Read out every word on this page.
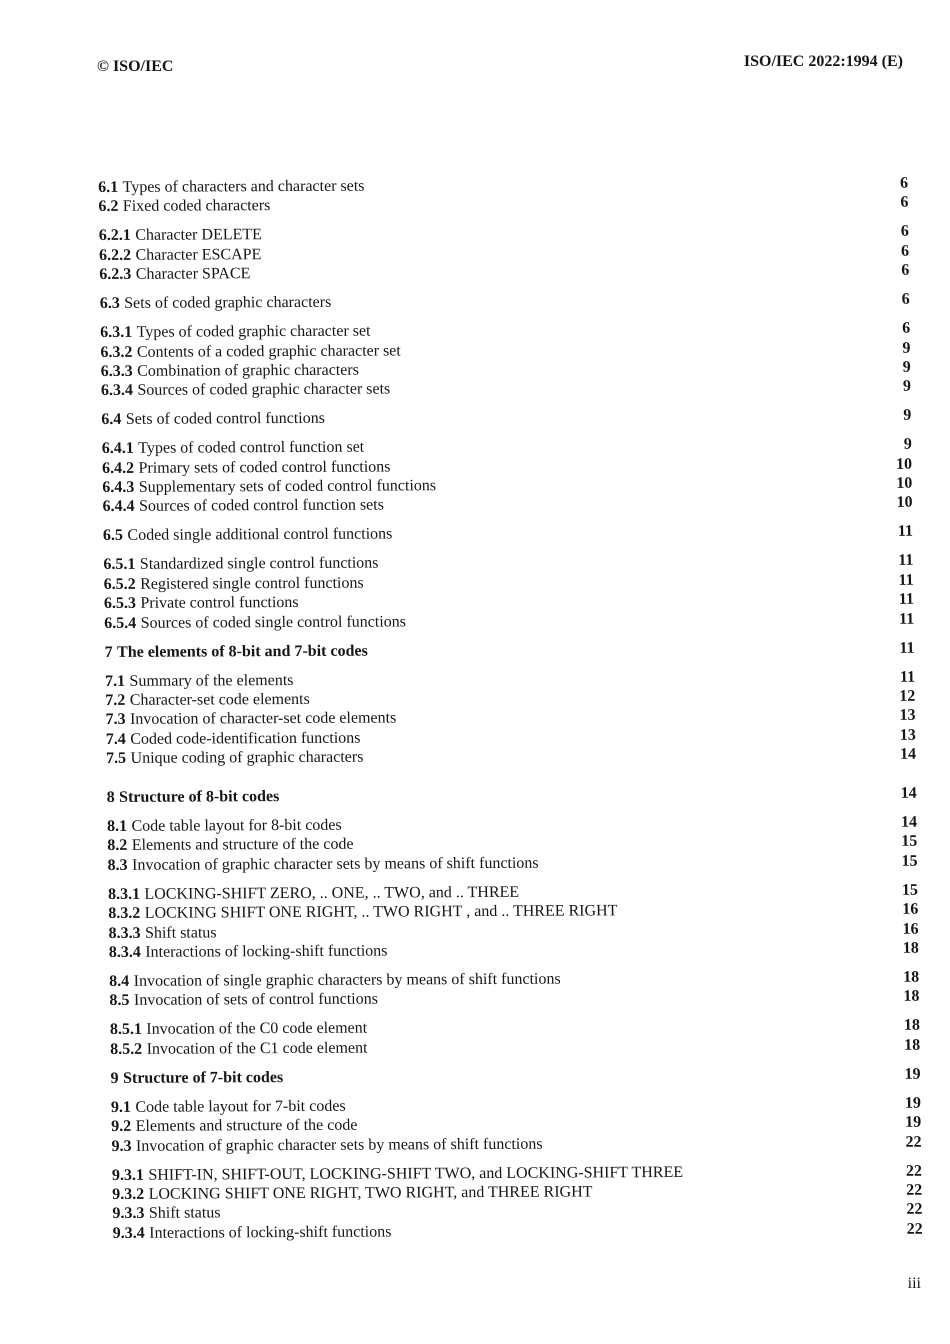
© ISO/IEC	ISO/IEC 2022:1994 (E)
6.1 Types of characters and character sets	6
6.2 Fixed coded characters	6
6.2.1 Character DELETE	6
6.2.2 Character ESCAPE	6
6.2.3 Character SPACE	6
6.3 Sets of coded graphic characters	6
6.3.1 Types of coded graphic character set	6
6.3.2 Contents of a coded graphic character set	9
6.3.3 Combination of graphic characters	9
6.3.4 Sources of coded graphic character sets	9
6.4 Sets of coded control functions	9
6.4.1 Types of coded control function set	9
6.4.2 Primary sets of coded control functions	10
6.4.3 Supplementary sets of coded control functions	10
6.4.4 Sources of coded control function sets	10
6.5 Coded single additional control functions	11
6.5.1 Standardized single control functions	11
6.5.2 Registered single control functions	11
6.5.3 Private control functions	11
6.5.4 Sources of coded single control functions	11
7 The elements of 8-bit and 7-bit codes	11
7.1 Summary of the elements	11
7.2 Character-set code elements	12
7.3 Invocation of character-set code elements	13
7.4 Coded code-identification functions	13
7.5 Unique coding of graphic characters	14
8 Structure of 8-bit codes	14
8.1 Code table layout for 8-bit codes	14
8.2 Elements and structure of the code	15
8.3 Invocation of graphic character sets by means of shift functions	15
8.3.1 LOCKING-SHIFT ZERO, .. ONE, .. TWO, and .. THREE	15
8.3.2 LOCKING SHIFT ONE RIGHT, .. TWO RIGHT , and .. THREE RIGHT	16
8.3.3 Shift status	16
8.3.4 Interactions of locking-shift functions	18
8.4 Invocation of single graphic characters by means of shift functions	18
8.5 Invocation of sets of control functions	18
8.5.1 Invocation of the C0 code element	18
8.5.2 Invocation of the C1 code element	18
9 Structure of 7-bit codes	19
9.1 Code table layout for 7-bit codes	19
9.2 Elements and structure of the code	19
9.3 Invocation of graphic character sets by means of shift functions	22
9.3.1 SHIFT-IN, SHIFT-OUT, LOCKING-SHIFT TWO, and LOCKING-SHIFT THREE	22
9.3.2 LOCKING SHIFT ONE RIGHT, TWO RIGHT, and THREE RIGHT	22
9.3.3 Shift status	22
9.3.4 Interactions of locking-shift functions	22
iii
